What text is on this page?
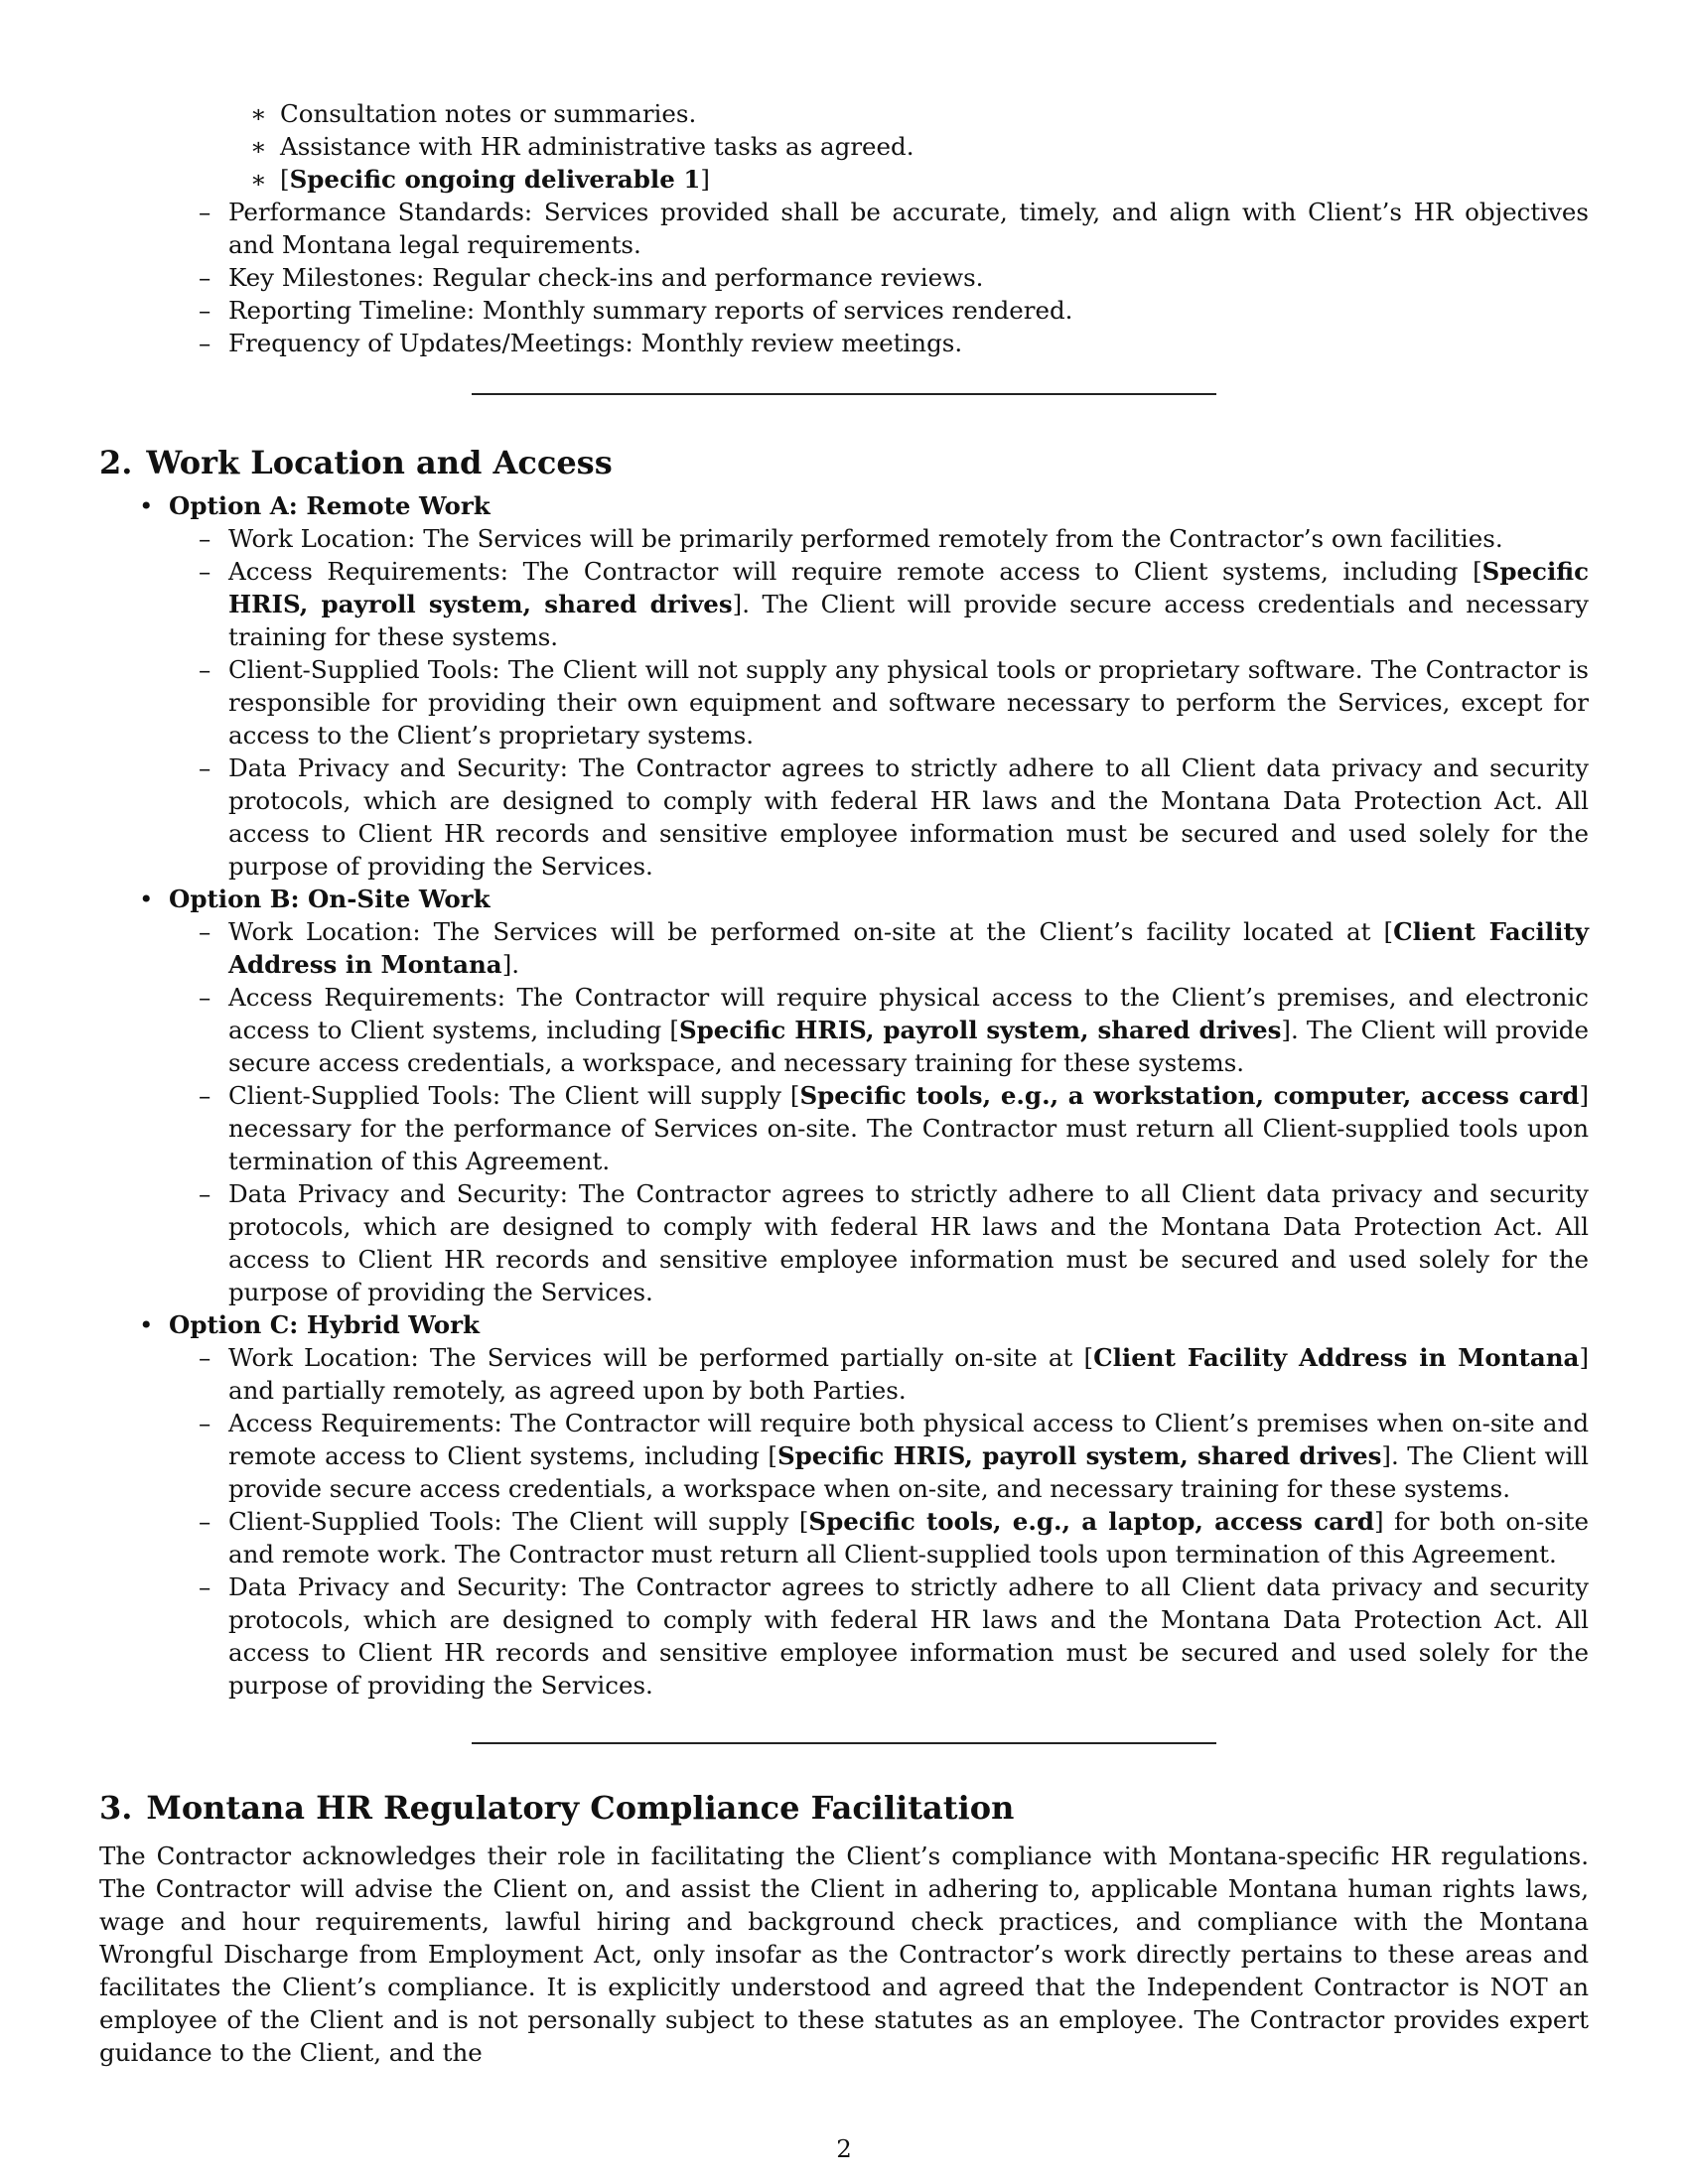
∗ Consultation notes or summaries.
∗ Assistance with HR administrative tasks as agreed.
∗ [Specific ongoing deliverable 1]
– Performance Standards: Services provided shall be accurate, timely, and align with Client’s HR objectives and Montana legal requirements.
– Key Milestones: Regular check-ins and performance reviews.
– Reporting Timeline: Monthly summary reports of services rendered.
– Frequency of Updates/Meetings: Monthly review meetings.
2. Work Location and Access
• Option A: Remote Work
– Work Location: The Services will be primarily performed remotely from the Contractor’s own facilities.
– Access Requirements: The Contractor will require remote access to Client systems, including [Specific HRIS, payroll system, shared drives]. The Client will provide secure access credentials and necessary training for these systems.
– Client-Supplied Tools: The Client will not supply any physical tools or proprietary software. The Contractor is responsible for providing their own equipment and software necessary to perform the Services, except for access to the Client’s proprietary systems.
– Data Privacy and Security: The Contractor agrees to strictly adhere to all Client data privacy and security protocols, which are designed to comply with federal HR laws and the Montana Data Protection Act. All access to Client HR records and sensitive employee information must be secured and used solely for the purpose of providing the Services.
• Option B: On-Site Work
– Work Location: The Services will be performed on-site at the Client’s facility located at [Client Facility Address in Montana].
– Access Requirements: The Contractor will require physical access to the Client’s premises, and electronic access to Client systems, including [Specific HRIS, payroll system, shared drives]. The Client will provide secure access credentials, a workspace, and necessary training for these systems.
– Client-Supplied Tools: The Client will supply [Specific tools, e.g., a workstation, computer, access card] necessary for the performance of Services on-site. The Contractor must return all Client-supplied tools upon termination of this Agreement.
– Data Privacy and Security: The Contractor agrees to strictly adhere to all Client data privacy and security protocols, which are designed to comply with federal HR laws and the Montana Data Protection Act. All access to Client HR records and sensitive employee information must be secured and used solely for the purpose of providing the Services.
• Option C: Hybrid Work
– Work Location: The Services will be performed partially on-site at [Client Facility Address in Montana] and partially remotely, as agreed upon by both Parties.
– Access Requirements: The Contractor will require both physical access to Client’s premises when on-site and remote access to Client systems, including [Specific HRIS, payroll system, shared drives]. The Client will provide secure access credentials, a workspace when on-site, and necessary training for these systems.
– Client-Supplied Tools: The Client will supply [Specific tools, e.g., a laptop, access card] for both on-site and remote work. The Contractor must return all Client-supplied tools upon termination of this Agreement.
– Data Privacy and Security: The Contractor agrees to strictly adhere to all Client data privacy and security protocols, which are designed to comply with federal HR laws and the Montana Data Protection Act. All access to Client HR records and sensitive employee information must be secured and used solely for the purpose of providing the Services.
3. Montana HR Regulatory Compliance Facilitation

The Contractor acknowledges their role in facilitating the Client’s compliance with Montana-specific HR regulations. The Contractor will advise the Client on, and assist the Client in adhering to, applicable Montana human rights laws, wage and hour requirements, lawful hiring and background check practices, and compliance with the Montana Wrongful Discharge from Employment Act, only insofar as the Contractor’s work directly pertains to these areas and facilitates the Client’s compliance. It is explicitly understood and agreed that the Independent Contractor is NOT an employee of the Client and is not personally subject to these statutes as an employee. The Contractor provides expert guidance to the Client, and the

2
